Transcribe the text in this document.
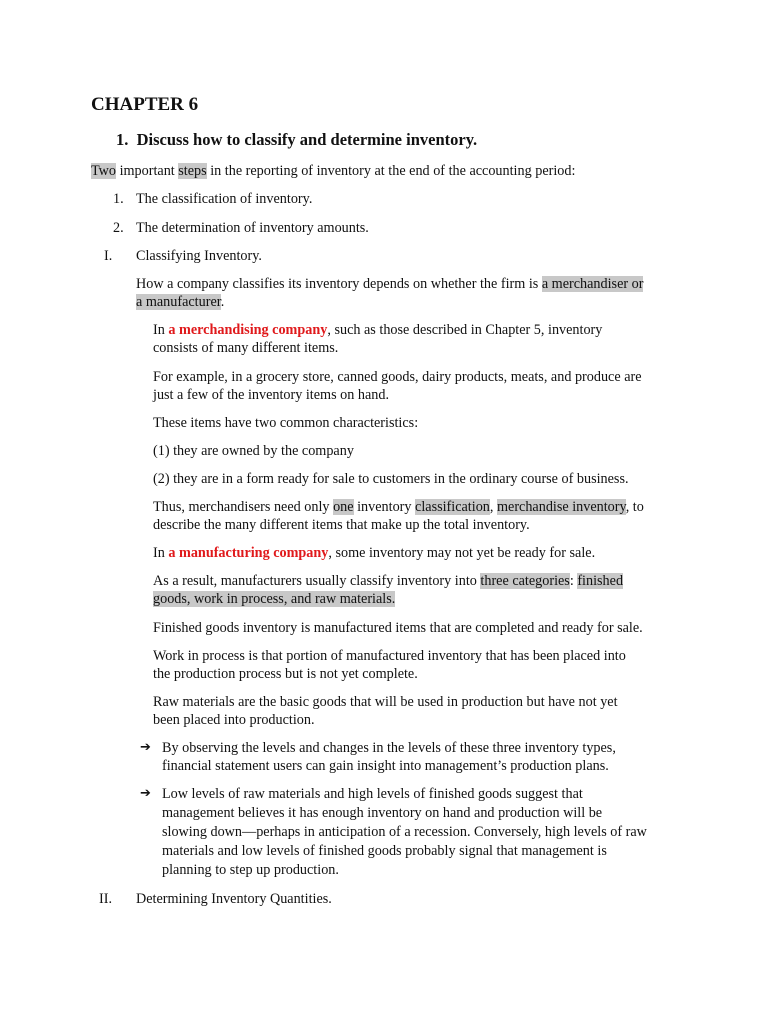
CHAPTER 6
1. Discuss how to classify and determine inventory.
Two important steps in the reporting of inventory at the end of the accounting period:
1. The classification of inventory.
2. The determination of inventory amounts.
I. Classifying Inventory.
How a company classifies its inventory depends on whether the firm is a merchandiser or
a manufacturer.
In a merchandising company, such as those described in Chapter 5, inventory
consists of many different items.
For example, in a grocery store, canned goods, dairy products, meats, and produce are
just a few of the inventory items on hand.
These items have two common characteristics:
(1) they are owned by the company
(2) they are in a form ready for sale to customers in the ordinary course of business.
Thus, merchandisers need only one inventory classification, merchandise inventory, to
describe the many different items that make up the total inventory.
In a manufacturing company, some inventory may not yet be ready for sale.
As a result, manufacturers usually classify inventory into three categories: finished
goods, work in process, and raw materials.
Finished goods inventory is manufactured items that are completed and ready for sale.
Work in process is that portion of manufactured inventory that has been placed into
the production process but is not yet complete.
Raw materials are the basic goods that will be used in production but have not yet
been placed into production.
➔ By observing the levels and changes in the levels of these three inventory types,
financial statement users can gain insight into management’s production plans.
➔ Low levels of raw materials and high levels of finished goods suggest that
management believes it has enough inventory on hand and production will be
slowing down—perhaps in anticipation of a recession. Conversely, high levels of raw
materials and low levels of finished goods probably signal that management is
planning to step up production.
II. Determining Inventory Quantities.
